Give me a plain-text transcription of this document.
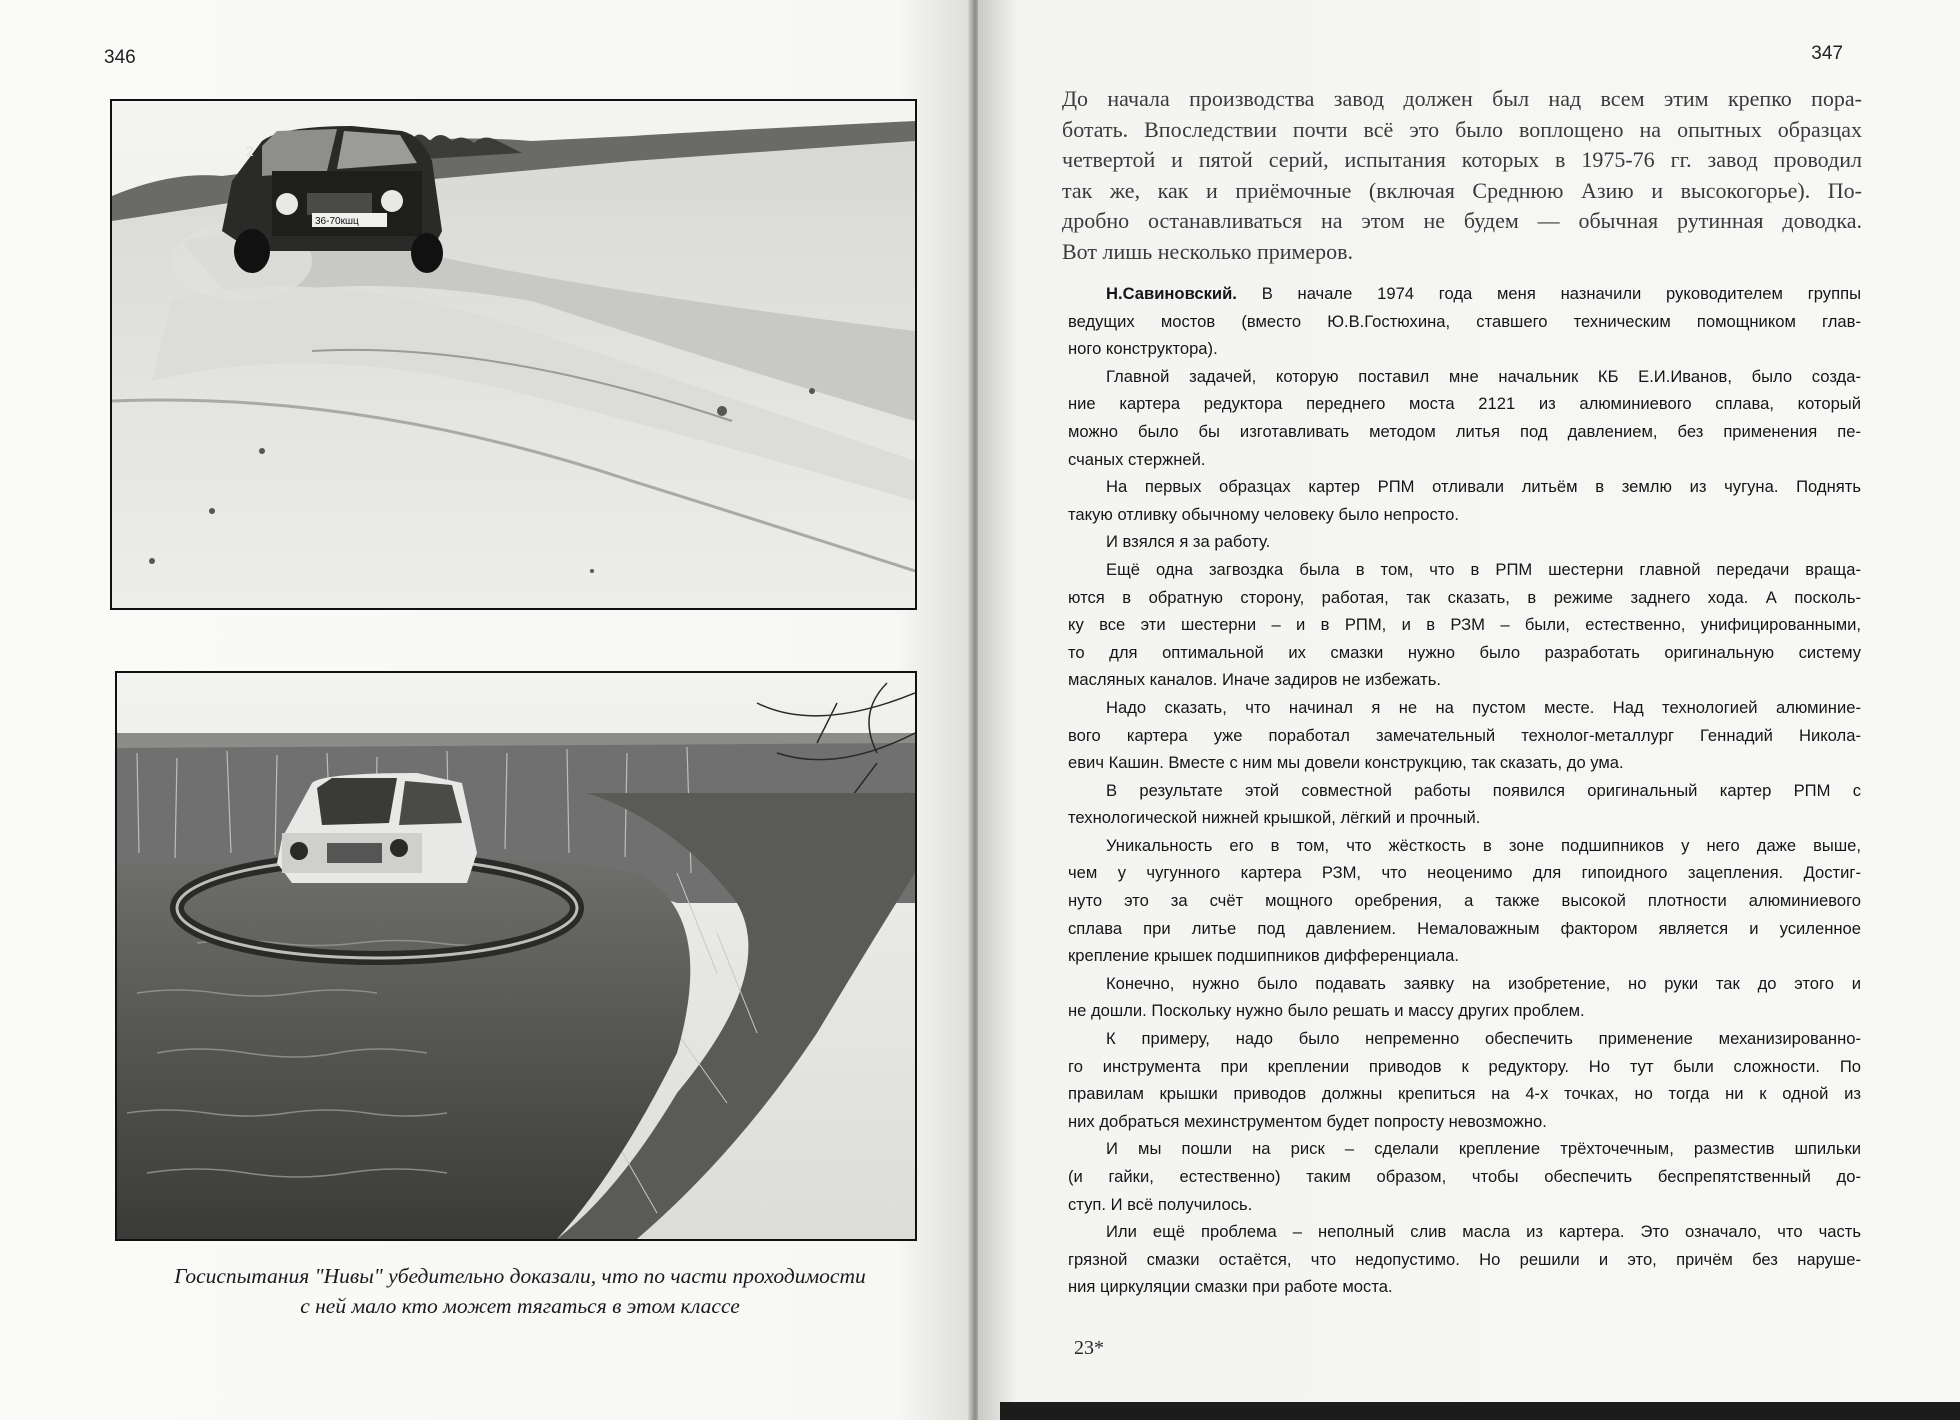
346
36-70кшц
2
Госиспытания "Нивы" убедительно доказали, что по части проходимости
с ней мало кто может тягаться в этом классе
347
До начала производства завод должен был над всем этим крепко пора-
ботать. Впоследствии почти всё это было воплощено на опытных образцах
четвертой и пятой серий, испытания которых в 1975-76 гг. завод проводил
так же, как и приёмочные (включая Среднюю Азию и высокогорье). По-
дробно останавливаться на этом не будем — обычная рутинная доводка.
Вот лишь несколько примеров.
Н.Савиновский. В начале 1974 года меня назначили руководителем группы
ведущих мостов (вместо Ю.В.Гостюхина, ставшего техническим помощником глав-
ного конструктора).
Главной задачей, которую поставил мне начальник КБ Е.И.Иванов, было созда-
ние картера редуктора переднего моста 2121 из алюминиевого сплава, который
можно было бы изготавливать методом литья под давлением, без применения пе-
счаных стержней.
На первых образцах картер РПМ отливали литьём в землю из чугуна. Поднять
такую отливку обычному человеку было непросто.
И взялся я за работу.
Ещё одна загвоздка была в том, что в РПМ шестерни главной передачи враща-
ются в обратную сторону, работая, так сказать, в режиме заднего хода. А посколь-
ку все эти шестерни – и в РПМ, и в РЗМ – были, естественно, унифицированными,
то для оптимальной их смазки нужно было разработать оригинальную систему
масляных каналов. Иначе задиров не избежать.
Надо сказать, что начинал я не на пустом месте. Над технологией алюминие-
вого картера уже поработал замечательный технолог-металлург Геннадий Никола-
евич Кашин. Вместе с ним мы довели конструкцию, так сказать, до ума.
В результате этой совместной работы появился оригинальный картер РПМ с
технологической нижней крышкой, лёгкий и прочный.
Уникальность его в том, что жёсткость в зоне подшипников у него даже выше,
чем у чугунного картера РЗМ, что неоценимо для гипоидного зацепления. Достиг-
нуто это за счёт мощного оребрения, а также высокой плотности алюминиевого
сплава при литье под давлением. Немаловажным фактором является и усиленное
крепление крышек подшипников дифференциала.
Конечно, нужно было подавать заявку на изобретение, но руки так до этого и
не дошли. Поскольку нужно было решать и массу других проблем.
К примеру, надо было непременно обеспечить применение механизированно-
го инструмента при креплении приводов к редуктору. Но тут были сложности. По
правилам крышки приводов должны крепиться на 4-х точках, но тогда ни к одной из
них добраться мехинструментом будет попросту невозможно.
И мы пошли на риск – сделали крепление трёхточечным, разместив шпильки
(и гайки, естественно) таким образом, чтобы обеспечить беспрепятственный до-
ступ. И всё получилось.
Или ещё проблема – неполный слив масла из картера. Это означало, что часть
грязной смазки остаётся, что недопустимо. Но решили и это, причём без наруше-
ния циркуляции смазки при работе моста.
23*
